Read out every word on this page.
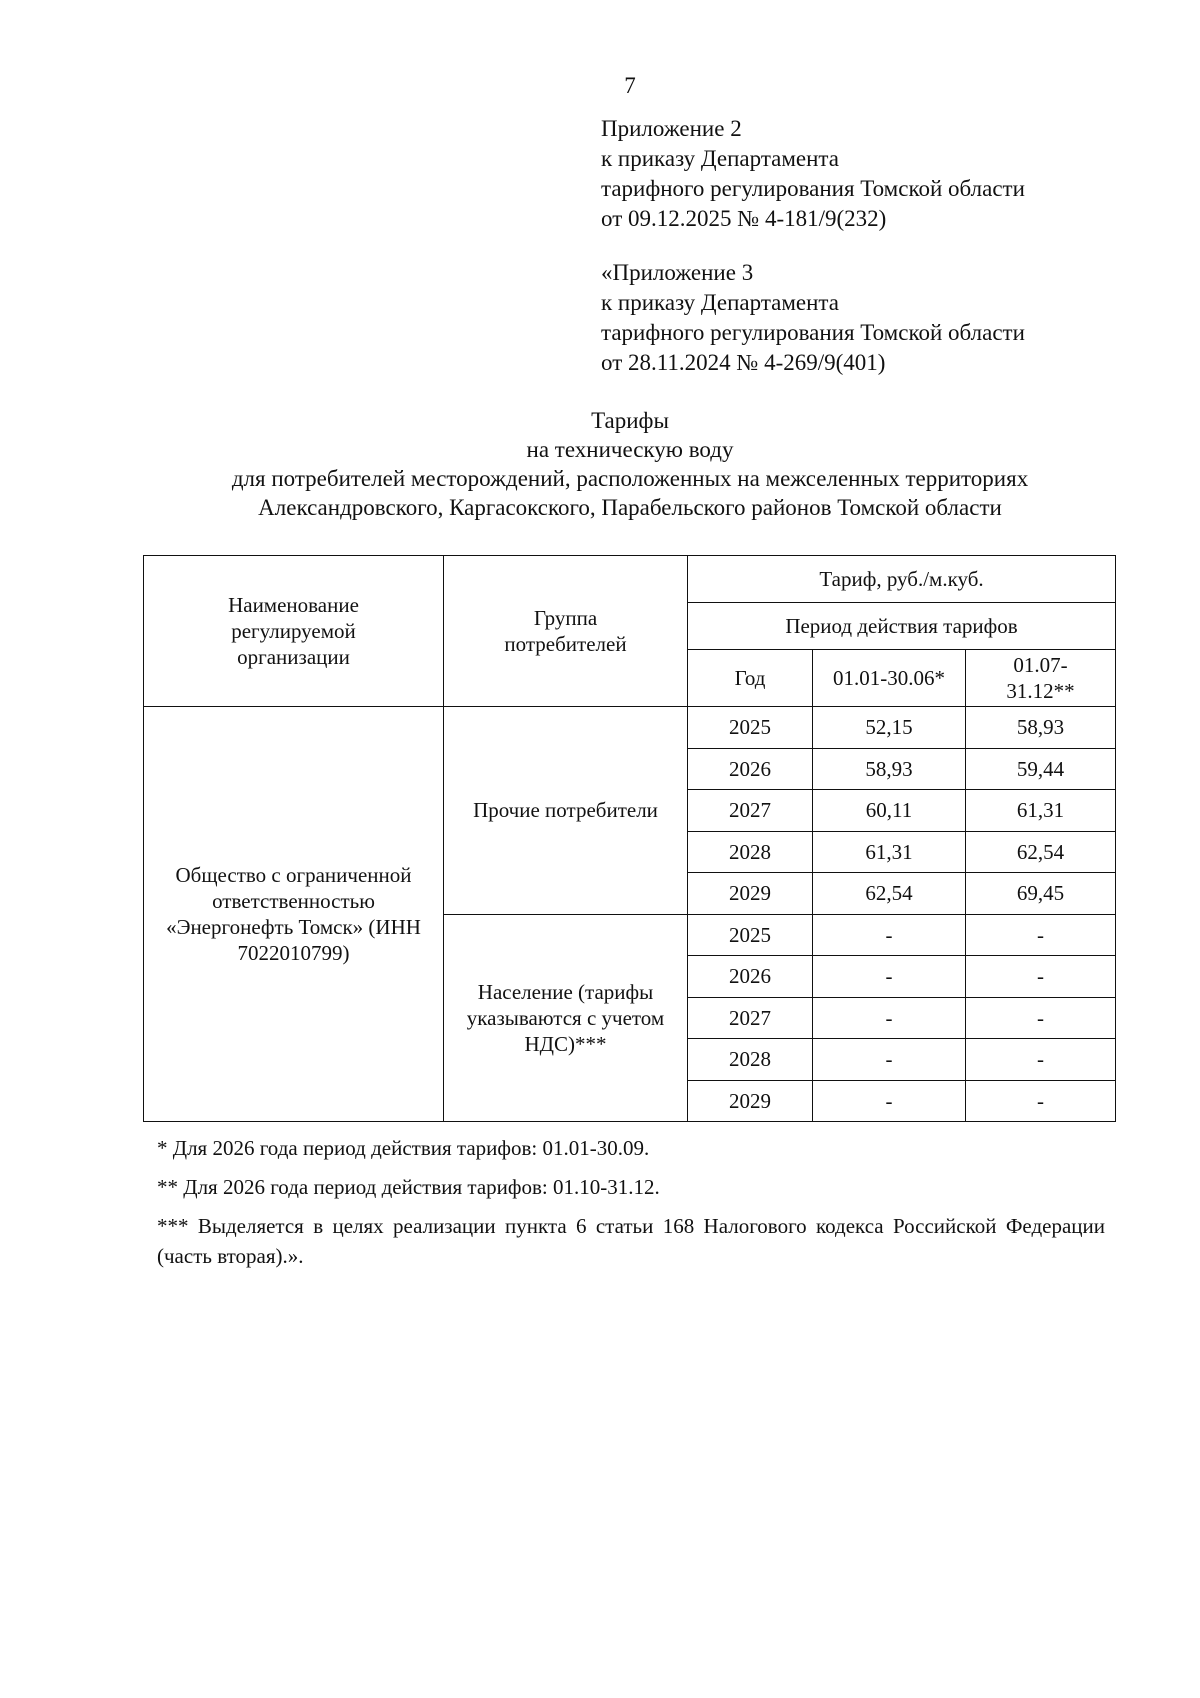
7
Приложение 2
к приказу Департамента
тарифного регулирования Томской области
от 09.12.2025 № 4-181/9(232)
«Приложение 3
к приказу Департамента
тарифного регулирования Томской области
от 28.11.2024 № 4-269/9(401)
Тарифы
на техническую воду
для потребителей месторождений, расположенных на межселенных территориях
Александровского, Каргасокского, Парабельского районов Томской области
Наименование регулируемой организации	Группа потребителей	Тариф, руб./м.куб.		
		Период действия тарифов		
		Год	01.01-30.06*	01.07-31.12**
Общество с ограниченной ответственностью «Энергонефть Томск» (ИНН 7022010799)	Прочие потребители	2025	52,15	58,93
		2026	58,93	59,44
		2027	60,11	61,31
		2028	61,31	62,54
		2029	62,54	69,45
	Население (тарифы указываются с учетом НДС)***	2025	-	-
		2026	-	-
		2027	-	-
		2028	-	-
		2029	-	-

* Для 2026 года период действия тарифов: 01.01-30.09.

** Для 2026 года период действия тарифов: 01.10-31.12.

*** Выделяется в целях реализации пункта 6 статьи 168 Налогового кодекса Российской Федерации (часть вторая).».
